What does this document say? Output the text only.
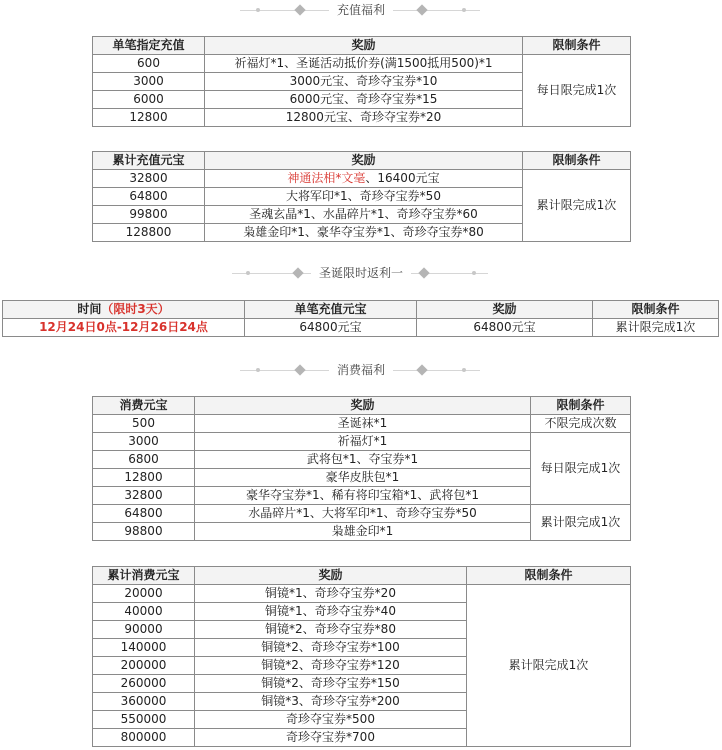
充值福利
单笔指定充值	奖励	限制条件
600	祈福灯*1、圣诞活动抵价券(满1500抵用500)*1	每日限完成1次
3000	3000元宝、奇珍夺宝券*10	
6000	6000元宝、奇珍夺宝券*15	
12800	12800元宝、奇珍夺宝券*20	
累计充值元宝	奖励	限制条件
32800	神通法相*文毫、16400元宝	累计限完成1次
64800	大将军印*1、奇珍夺宝券*50	
99800	圣魂玄晶*1、水晶碎片*1、奇珍夺宝券*60	
128800	枭雄金印*1、豪华夺宝券*1、奇珍夺宝券*80	
圣诞限时返利一
时间（限时3天）	单笔充值元宝	奖励	限制条件
12月24日0点-12月26日24点	64800元宝	64800元宝	累计限完成1次
消费福利
消费元宝	奖励	限制条件
500	圣诞袜*1	不限完成次数
3000	祈福灯*1	每日限完成1次
6800	武将包*1、夺宝券*1	
12800	豪华皮肤包*1	
32800	豪华夺宝券*1、稀有将印宝箱*1、武将包*1	
64800	水晶碎片*1、大将军印*1、奇珍夺宝券*50	累计限完成1次
98800	枭雄金印*1	
累计消费元宝	奖励	限制条件
20000	铜镜*1、奇珍夺宝券*20	累计限完成1次
40000	铜镜*1、奇珍夺宝券*40	
90000	铜镜*2、奇珍夺宝券*80	
140000	铜镜*2、奇珍夺宝券*100	
200000	铜镜*2、奇珍夺宝券*120	
260000	铜镜*2、奇珍夺宝券*150	
360000	铜镜*3、奇珍夺宝券*200	
550000	奇珍夺宝券*500	
800000	奇珍夺宝券*700	
